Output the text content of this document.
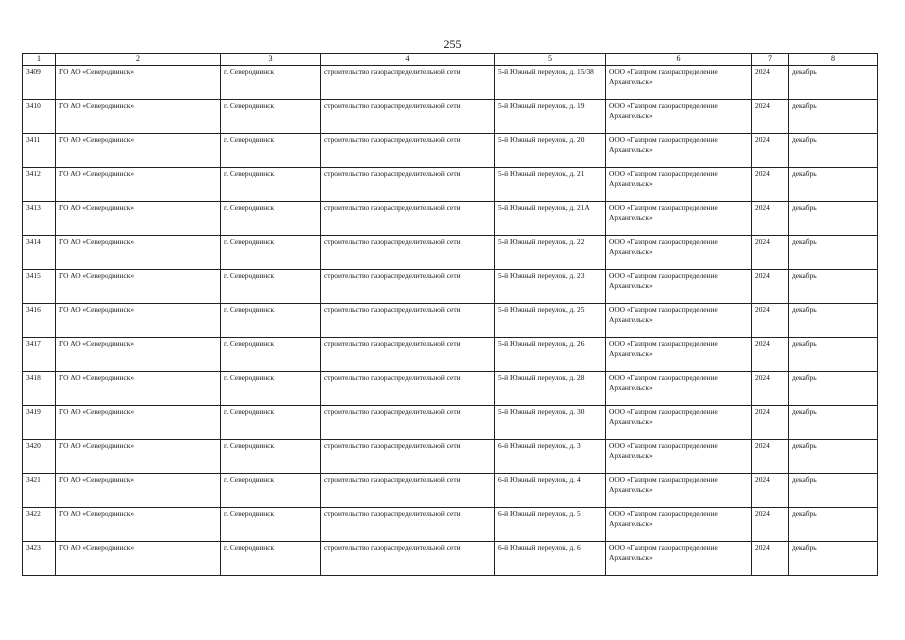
255
1	2	3	4	5	6	7	8
3409	ГО АО «Северодвинск»	г. Северодвинск	строительство газораспределительной сети	5-й Южный переулок, д. 15/38	ООО «Газпром газораспределение Архангельск»	2024	декабрь
3410	ГО АО «Северодвинск»	г. Северодвинск	строительство газораспределительной сети	5-й Южный переулок, д. 19	ООО «Газпром газораспределение Архангельск»	2024	декабрь
3411	ГО АО «Северодвинск»	г. Северодвинск	строительство газораспределительной сети	5-й Южный переулок, д. 20	ООО «Газпром газораспределение Архангельск»	2024	декабрь
3412	ГО АО «Северодвинск»	г. Северодвинск	строительство газораспределительной сети	5-й Южный переулок, д. 21	ООО «Газпром газораспределение Архангельск»	2024	декабрь
3413	ГО АО «Северодвинск»	г. Северодвинск	строительство газораспределительной сети	5-й Южный переулок, д. 21А	ООО «Газпром газораспределение Архангельск»	2024	декабрь
3414	ГО АО «Северодвинск»	г. Северодвинск	строительство газораспределительной сети	5-й Южный переулок, д. 22	ООО «Газпром газораспределение Архангельск»	2024	декабрь
3415	ГО АО «Северодвинск»	г. Северодвинск	строительство газораспределительной сети	5-й Южный переулок, д. 23	ООО «Газпром газораспределение Архангельск»	2024	декабрь
3416	ГО АО «Северодвинск»	г. Северодвинск	строительство газораспределительной сети	5-й Южный переулок, д. 25	ООО «Газпром газораспределение Архангельск»	2024	декабрь
3417	ГО АО «Северодвинск»	г. Северодвинск	строительство газораспределительной сети	5-й Южный переулок, д. 26	ООО «Газпром газораспределение Архангельск»	2024	декабрь
3418	ГО АО «Северодвинск»	г. Северодвинск	строительство газораспределительной сети	5-й Южный переулок, д. 28	ООО «Газпром газораспределение Архангельск»	2024	декабрь
3419	ГО АО «Северодвинск»	г. Северодвинск	строительство газораспределительной сети	5-й Южный переулок, д. 30	ООО «Газпром газораспределение Архангельск»	2024	декабрь
3420	ГО АО «Северодвинск»	г. Северодвинск	строительство газораспределительной сети	6-й Южный переулок, д. 3	ООО «Газпром газораспределение Архангельск»	2024	декабрь
3421	ГО АО «Северодвинск»	г. Северодвинск	строительство газораспределительной сети	6-й Южный переулок, д. 4	ООО «Газпром газораспределение Архангельск»	2024	декабрь
3422	ГО АО «Северодвинск»	г. Северодвинск	строительство газораспределительной сети	6-й Южный переулок, д. 5	ООО «Газпром газораспределение Архангельск»	2024	декабрь
3423	ГО АО «Северодвинск»	г. Северодвинск	строительство газораспределительной сети	6-й Южный переулок, д. 6	ООО «Газпром газораспределение Архангельск»	2024	декабрь
